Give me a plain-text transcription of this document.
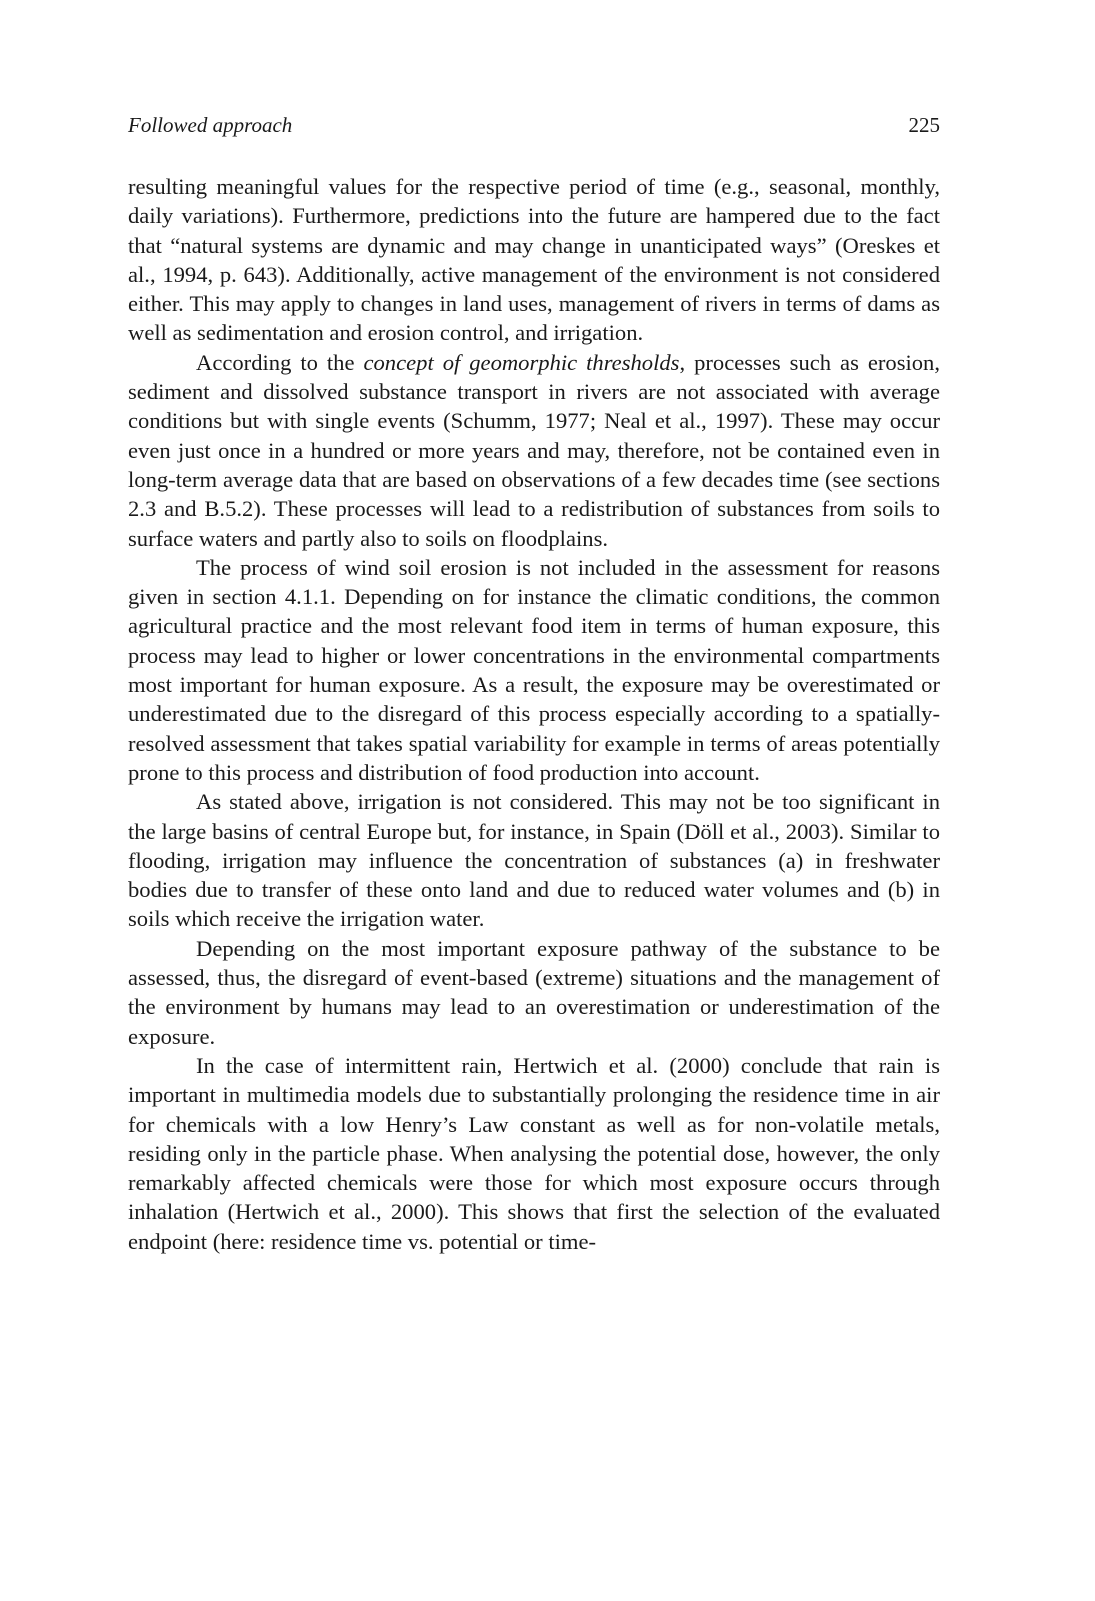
Followed approach	225

resulting meaningful values for the respective period of time (e.g., seasonal, monthly, daily variations). Furthermore, predictions into the future are hampered due to the fact that “natural systems are dynamic and may change in unanticipated ways” (Oreskes et al., 1994, p. 643). Additionally, active management of the environment is not considered either. This may apply to changes in land uses, management of rivers in terms of dams as well as sedimentation and erosion control, and irrigation.

According to the concept of geomorphic thresholds, processes such as erosion, sediment and dissolved substance transport in rivers are not associated with average conditions but with single events (Schumm, 1977; Neal et al., 1997). These may occur even just once in a hundred or more years and may, therefore, not be contained even in long-term average data that are based on observations of a few decades time (see sections 2.3 and B.5.2). These processes will lead to a redistribution of substances from soils to surface waters and partly also to soils on floodplains.

The process of wind soil erosion is not included in the assessment for reasons given in section 4.1.1. Depending on for instance the climatic conditions, the common agricultural practice and the most relevant food item in terms of human exposure, this process may lead to higher or lower concentrations in the environmental compartments most important for human exposure. As a result, the exposure may be overestimated or underestimated due to the disregard of this process especially according to a spatially-resolved assessment that takes spatial variability for example in terms of areas potentially prone to this process and distribution of food production into account.

As stated above, irrigation is not considered. This may not be too significant in the large basins of central Europe but, for instance, in Spain (Döll et al., 2003). Similar to flooding, irrigation may influence the concentration of substances (a) in freshwater bodies due to transfer of these onto land and due to reduced water volumes and (b) in soils which receive the irrigation water.

Depending on the most important exposure pathway of the substance to be assessed, thus, the disregard of event-based (extreme) situations and the management of the environment by humans may lead to an overestimation or underestimation of the exposure.

In the case of intermittent rain, Hertwich et al. (2000) conclude that rain is important in multimedia models due to substantially prolonging the residence time in air for chemicals with a low Henry’s Law constant as well as for non-volatile metals, residing only in the particle phase. When analysing the potential dose, however, the only remarkably affected chemicals were those for which most exposure occurs through inhalation (Hertwich et al., 2000). This shows that first the selection of the evaluated endpoint (here: residence time vs. potential or time-
